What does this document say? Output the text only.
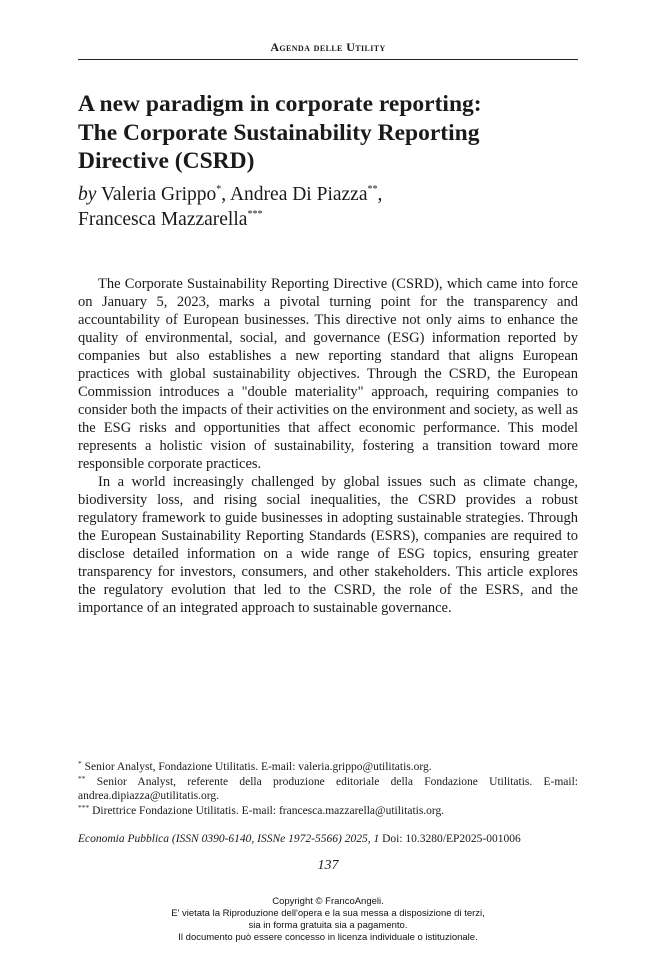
Agenda delle Utility
A new paradigm in corporate reporting:
The Corporate Sustainability Reporting
Directive (CSRD)
by Valeria Grippo*, Andrea Di Piazza**,
Francesca Mazzarella***

The Corporate Sustainability Reporting Directive (CSRD), which came into force on January 5, 2023, marks a pivotal turning point for the transparency and accountability of European businesses. This directive not only aims to enhance the quality of environmental, social, and governance (ESG) information reported by companies but also establishes a new reporting standard that aligns European practices with global sustainability objectives. Through the CSRD, the European Commission introduces a "double materiality" approach, requiring companies to consider both the impacts of their activities on the environment and society, as well as the ESG risks and opportunities that affect economic performance. This model represents a holistic vision of sustainability, fostering a transition toward more responsible corporate practices.

In a world increasingly challenged by global issues such as climate change, biodiversity loss, and rising social inequalities, the CSRD provides a robust regulatory framework to guide businesses in adopting sustainable strategies. Through the European Sustainability Reporting Standards (ESRS), companies are required to disclose detailed information on a wide range of ESG topics, ensuring greater transparency for investors, consumers, and other stakeholders. This article explores the regulatory evolution that led to the CSRD, the role of the ESRS, and the importance of an integrated approach to sustainable governance.

* Senior Analyst, Fondazione Utilitatis. E-mail: valeria.grippo@utilitatis.org.
** Senior Analyst, referente della produzione editoriale della Fondazione Utilitatis. E-mail: andrea.dipiazza@utilitatis.org.
*** Direttrice Fondazione Utilitatis. E-mail: francesca.mazzarella@utilitatis.org.
Economia Pubblica (ISSN 0390-6140, ISSNe 1972-5566) 2025, 1 Doi: 10.3280/EP2025-001006
137
Copyright © FrancoAngeli.
E' vietata la Riproduzione dell'opera e la sua messa a disposizione di terzi,
sia in forma gratuita sia a pagamento.
Il documento può essere concesso in licenza individuale o istituzionale.
